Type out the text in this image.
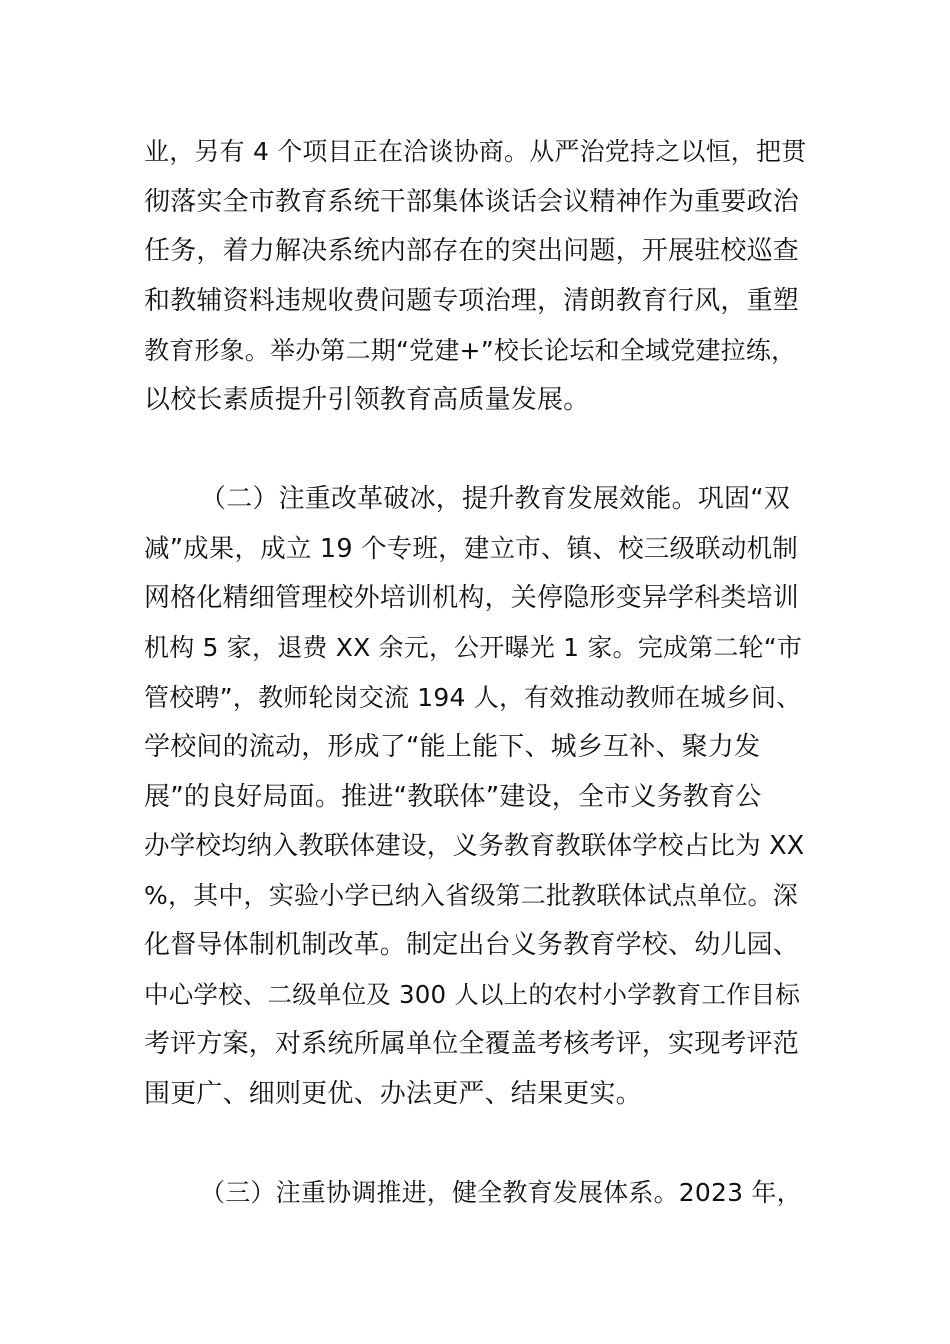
业，另有 4 个项目正在洽谈协商。从严治党持之以恒，把贯
彻落实全市教育系统干部集体谈话会议精神作为重要政治
任务，着力解决系统内部存在的突出问题，开展驻校巡查
和教辅资料违规收费问题专项治理，清朗教育行风，重塑
教育形象。举办第二期“党建+”校长论坛和全域党建拉练，
以校长素质提升引领教育高质量发展。
（二）注重改革破冰，提升教育发展效能。巩固“双
减”成果，成立 19 个专班，建立市、镇、校三级联动机制
网格化精细管理校外培训机构，关停隐形变异学科类培训
机构 5 家，退费 XX 余元，公开曝光 1 家。完成第二轮“市
管校聘”，教师轮岗交流 194 人，有效推动教师在城乡间、
学校间的流动，形成了“能上能下、城乡互补、聚力发
展”的良好局面。推进“教联体”建设，全市义务教育公
办学校均纳入教联体建设，义务教育教联体学校占比为 XX
%，其中，实验小学已纳入省级第二批教联体试点单位。深
化督导体制机制改革。制定出台义务教育学校、幼儿园、
中心学校、二级单位及 300 人以上的农村小学教育工作目标
考评方案，对系统所属单位全覆盖考核考评，实现考评范
围更广、细则更优、办法更严、结果更实。
（三）注重协调推进，健全教育发展体系。2023 年，
